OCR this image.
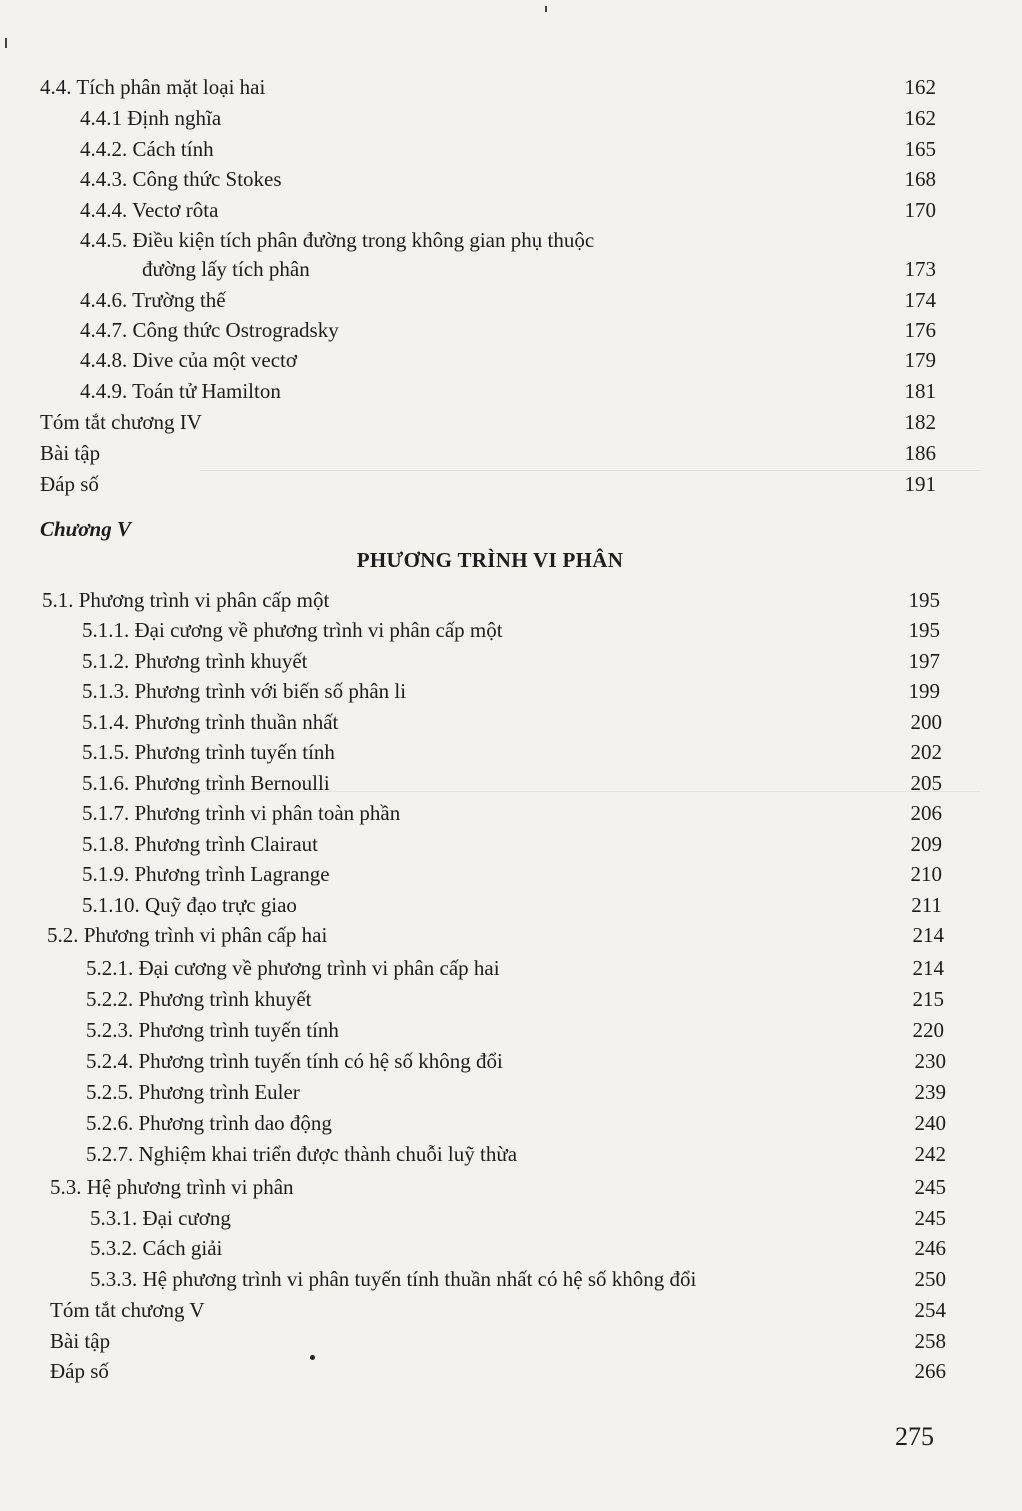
4.4. Tích phân mặt loại hai	162
4.4.1 Định nghĩa	162
4.4.2. Cách tính	165
4.4.3. Công thức Stokes	168
4.4.4. Vectơ rôta	170
4.4.5. Điều kiện tích phân đường trong không gian phụ thuộc
đường lấy tích phân	173
4.4.6. Trường thế	174
4.4.7. Công thức Ostrogradsky	176
4.4.8. Dive của một vectơ	179
4.4.9. Toán tử Hamilton	181
Tóm tắt chương IV	182
Bài tập	186
Đáp số	191
Chương V
PHƯƠNG TRÌNH VI PHÂN
5.1. Phương trình vi phân cấp một	195
5.1.1. Đại cương về phương trình vi phân cấp một	195
5.1.2. Phương trình khuyết	197
5.1.3. Phương trình với biến số phân li	199
5.1.4. Phương trình thuần nhất	200
5.1.5. Phương trình tuyến tính	202
5.1.6. Phương trình Bernoulli	205
5.1.7. Phương trình vi phân toàn phần	206
5.1.8. Phương trình Clairaut	209
5.1.9. Phương trình Lagrange	210
5.1.10. Quỹ đạo trực giao	211
5.2. Phương trình vi phân cấp hai	214
5.2.1. Đại cương về phương trình vi phân cấp hai	214
5.2.2. Phương trình khuyết	215
5.2.3. Phương trình tuyến tính	220
5.2.4. Phương trình tuyến tính có hệ số không đổi	230
5.2.5. Phương trình Euler	239
5.2.6. Phương trình dao động	240
5.2.7. Nghiệm khai triển được thành chuỗi luỹ thừa	242
5.3. Hệ phương trình vi phân	245
5.3.1. Đại cương	245
5.3.2. Cách giải	246
5.3.3. Hệ phương trình vi phân tuyến tính thuần nhất có hệ số không đổi	250
Tóm tắt chương V	254
Bài tập	258
Đáp số	266
275
